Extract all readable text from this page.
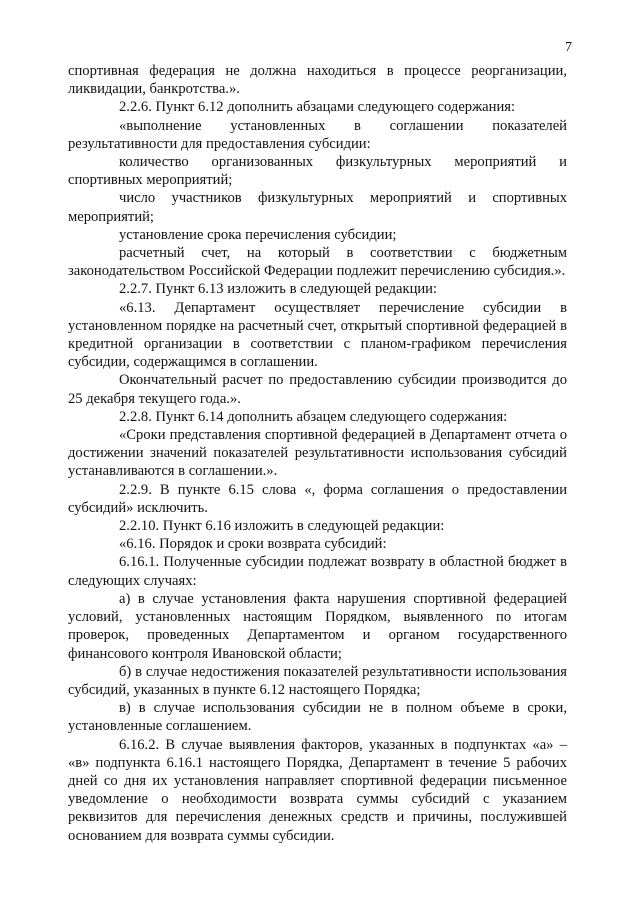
7

спортивная федерация не должна находиться в процессе реорганизации, ликвидации, банкротства.».

2.2.6. Пункт 6.12 дополнить абзацами следующего содержания:

«выполнение установленных в соглашении показателей результативности для предоставления субсидии:

количество организованных физкультурных мероприятий и спортивных мероприятий;

число участников физкультурных мероприятий и спортивных мероприятий;

установление срока перечисления субсидии;

расчетный счет, на который в соответствии с бюджетным законодательством Российской Федерации подлежит перечислению субсидия.».

2.2.7. Пункт 6.13 изложить в следующей редакции:

«6.13. Департамент осуществляет перечисление субсидии в установленном порядке на расчетный счет, открытый спортивной федерацией в кредитной организации в соответствии с планом-графиком перечисления субсидии, содержащимся в соглашении.

Окончательный расчет по предоставлению субсидии производится до 25 декабря текущего года.».

2.2.8. Пункт 6.14 дополнить абзацем следующего содержания:

«Сроки представления спортивной федерацией в Департамент отчета о достижении значений показателей результативности использования субсидий устанавливаются в соглашении.».

2.2.9. В пункте 6.15 слова «, форма соглашения о предоставлении субсидий» исключить.

2.2.10. Пункт 6.16 изложить в следующей редакции:

«6.16. Порядок и сроки возврата субсидий:

6.16.1. Полученные субсидии подлежат возврату в областной бюджет в следующих случаях:

а) в случае установления факта нарушения спортивной федерацией условий, установленных настоящим Порядком, выявленного по итогам проверок, проведенных Департаментом и органом государственного финансового контроля Ивановской области;

б) в случае недостижения показателей результативности использования субсидий, указанных в пункте 6.12 настоящего Порядка;

в) в случае использования субсидии не в полном объеме в сроки, установленные соглашением.

6.16.2. В случае выявления факторов, указанных в подпунктах «а» – «в» подпункта 6.16.1 настоящего Порядка, Департамент в течение 5 рабочих дней со дня их установления направляет спортивной федерации письменное уведомление о необходимости возврата суммы субсидий с указанием реквизитов для перечисления денежных средств и причины, послужившей основанием для возврата суммы субсидии.
